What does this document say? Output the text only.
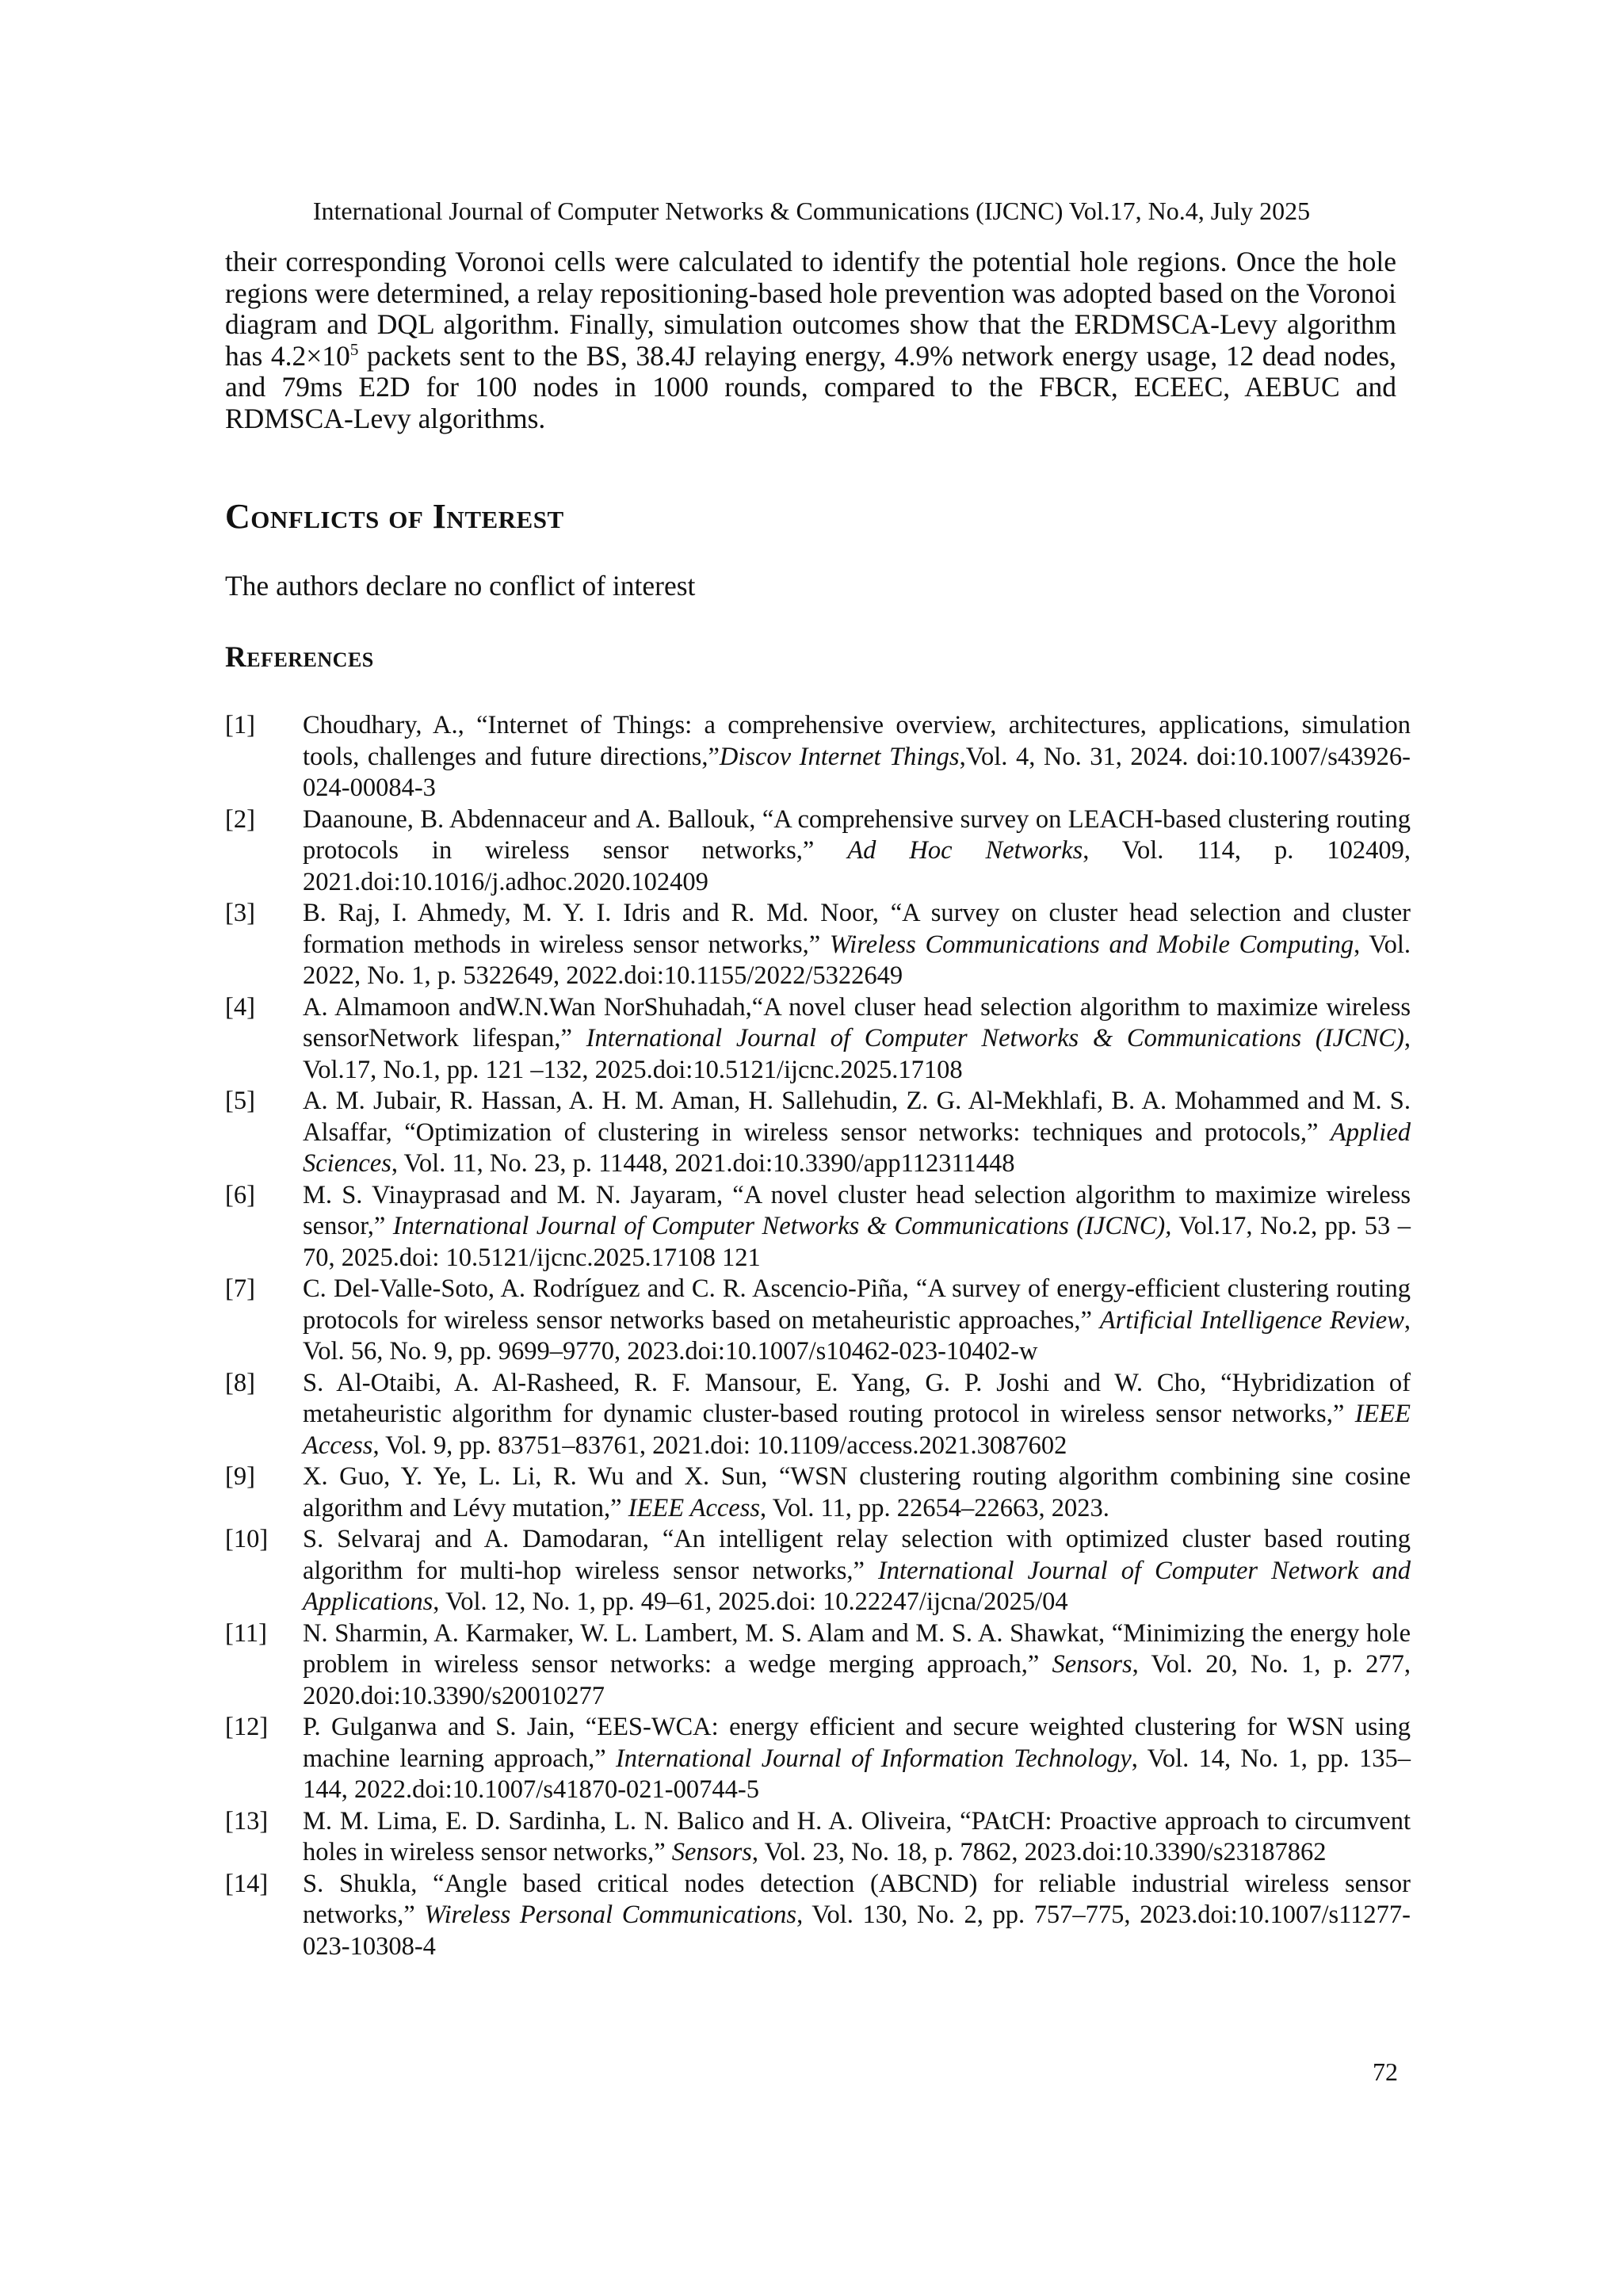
International Journal of Computer Networks & Communications (IJCNC) Vol.17, No.4, July 2025

their corresponding Voronoi cells were calculated to identify the potential hole regions. Once the hole regions were determined, a relay repositioning-based hole prevention was adopted based on the Voronoi diagram and DQL algorithm. Finally, simulation outcomes show that the ERDMSCA-Levy algorithm has $4.2\times 10^5$ packets sent to the BS, 38.4J relaying energy, 4.9% network energy usage, 12 dead nodes, and 79ms E2D for 100 nodes in 1000 rounds, compared to the FBCR, ECEEC, AEBUC and RDMSCA-Levy algorithms.

Conflicts of Interest
The authors declare no conflict of interest
References
[1] Choudhary, A., “Internet of Things: a comprehensive overview, architectures, applications, simulation tools, challenges and future directions,”Discov Internet Things,Vol. 4, No. 31, 2024. doi:10.1007/s43926-024-00084-3
[2] Daanoune, B. Abdennaceur and A. Ballouk, “A comprehensive survey on LEACH-based clustering routing protocols in wireless sensor networks,” Ad Hoc Networks, Vol. 114, p. 102409, 2021.doi:10.1016/j.adhoc.2020.102409
[3] B. Raj, I. Ahmedy, M. Y. I. Idris and R. Md. Noor, “A survey on cluster head selection and cluster formation methods in wireless sensor networks,” Wireless Communications and Mobile Computing, Vol. 2022, No. 1, p. 5322649, 2022.doi:10.1155/2022/5322649
[4] A. Almamoon andW.N.Wan NorShuhadah,“A novel cluser head selection algorithm to maximize wireless sensorNetwork lifespan,” International Journal of Computer Networks & Communications (IJCNC), Vol.17, No.1, pp. 121 –132, 2025.doi:10.5121/ijcnc.2025.17108
[5] A. M. Jubair, R. Hassan, A. H. M. Aman, H. Sallehudin, Z. G. Al-Mekhlafi, B. A. Mohammed and M. S. Alsaffar, “Optimization of clustering in wireless sensor networks: techniques and protocols,” Applied Sciences, Vol. 11, No. 23, p. 11448, 2021.doi:10.3390/app112311448
[6] M. S. Vinayprasad and M. N. Jayaram, “A novel cluster head selection algorithm to maximize wireless sensor,” International Journal of Computer Networks & Communications (IJCNC), Vol.17, No.2, pp. 53 –70, 2025.doi: 10.5121/ijcnc.2025.17108 121
[7] C. Del-Valle-Soto, A. Rodríguez and C. R. Ascencio-Piña, “A survey of energy-efficient clustering routing protocols for wireless sensor networks based on metaheuristic approaches,” Artificial Intelligence Review, Vol. 56, No. 9, pp. 9699–9770, 2023.doi:10.1007/s10462-023-10402-w
[8] S. Al-Otaibi, A. Al-Rasheed, R. F. Mansour, E. Yang, G. P. Joshi and W. Cho, “Hybridization of metaheuristic algorithm for dynamic cluster-based routing protocol in wireless sensor networks,” IEEE Access, Vol. 9, pp. 83751–83761, 2021.doi: 10.1109/access.2021.3087602
[9] X. Guo, Y. Ye, L. Li, R. Wu and X. Sun, “WSN clustering routing algorithm combining sine cosine algorithm and Lévy mutation,” IEEE Access, Vol. 11, pp. 22654–22663, 2023.
[10] S. Selvaraj and A. Damodaran, “An intelligent relay selection with optimized cluster based routing algorithm for multi-hop wireless sensor networks,” International Journal of Computer Network and Applications, Vol. 12, No. 1, pp. 49–61, 2025.doi: 10.22247/ijcna/2025/04
[11] N. Sharmin, A. Karmaker, W. L. Lambert, M. S. Alam and M. S. A. Shawkat, “Minimizing the energy hole problem in wireless sensor networks: a wedge merging approach,” Sensors, Vol. 20, No. 1, p. 277, 2020.doi:10.3390/s20010277
[12] P. Gulganwa and S. Jain, “EES-WCA: energy efficient and secure weighted clustering for WSN using machine learning approach,” International Journal of Information Technology, Vol. 14, No. 1, pp. 135–144, 2022.doi:10.1007/s41870-021-00744-5
[13] M. M. Lima, E. D. Sardinha, L. N. Balico and H. A. Oliveira, “PAtCH: Proactive approach to circumvent holes in wireless sensor networks,” Sensors, Vol. 23, No. 18, p. 7862, 2023.doi:10.3390/s23187862
[14] S. Shukla, “Angle based critical nodes detection (ABCND) for reliable industrial wireless sensor networks,” Wireless Personal Communications, Vol. 130, No. 2, pp. 757–775, 2023.doi:10.1007/s11277-023-10308-4
72
